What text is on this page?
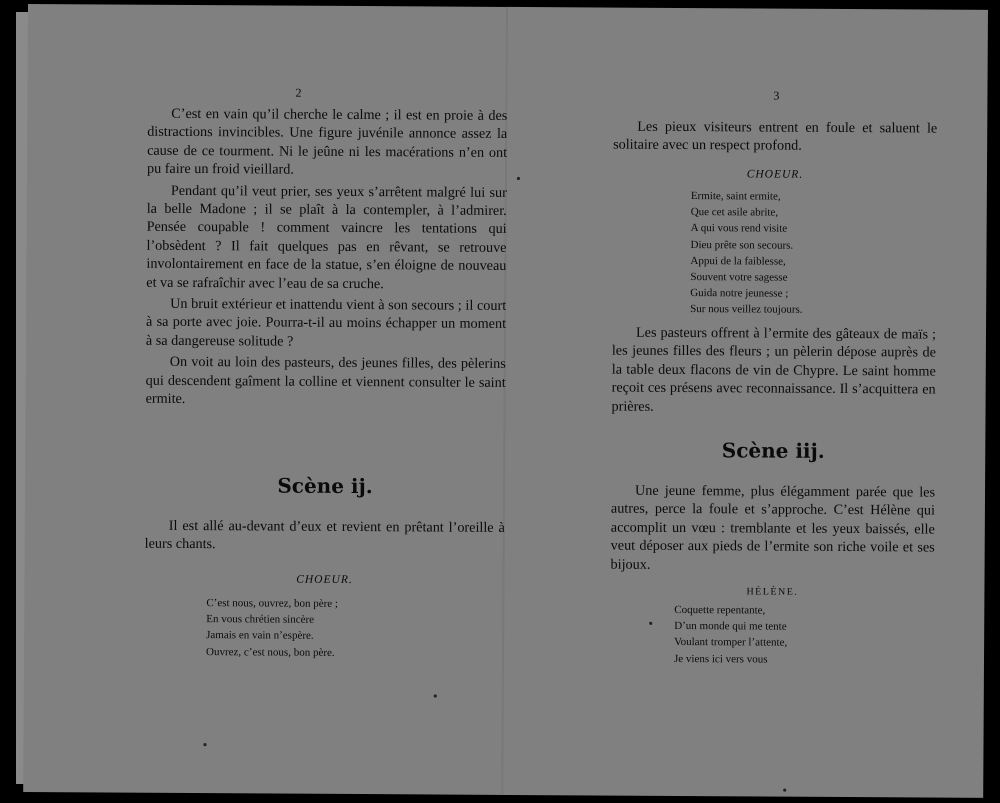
2

C’est en vain qu’il cherche le calme ; il est en proie à des distractions invincibles. Une figure juvénile annonce assez la cause de ce tourment. Ni le jeûne ni les macérations n’en ont pu faire un froid vieillard.

Pendant qu’il veut prier, ses yeux s’arrêtent malgré lui sur la belle Madone ; il se plaît à la contempler, à l’admirer. Pensée coupable ! comment vaincre les tentations qui l’obsèdent ? Il fait quelques pas en rêvant, se retrouve involontairement en face de la statue, s’en éloigne de nouveau et va se rafraîchir avec l’eau de sa cruche.

Un bruit extérieur et inattendu vient à son secours ; il court à sa porte avec joie. Pourra-t-il au moins échapper un moment à sa dangereuse solitude ?

On voit au loin des pasteurs, des jeunes filles, des pèlerins qui descendent gaîment la colline et viennent consulter le saint ermite.

Scène ij.

Il est allé au-devant d’eux et revient en prêtant l’oreille à leurs chants.

CHOEUR.
C’est nous, ouvrez, bon père ;
En vous chrétien sincère
Jamais en vain n’espère.
Ouvrez, c’est nous, bon père.
3

Les pieux visiteurs entrent en foule et saluent le solitaire avec un respect profond.

CHOEUR.
Ermite, saint ermite,
Que cet asile abrite,
A qui vous rend visite
Dieu prête son secours.
Appui de la faiblesse,
Souvent votre sagesse
Guida notre jeunesse ;
Sur nous veillez toujours.

Les pasteurs offrent à l’ermite des gâteaux de maïs ; les jeunes filles des fleurs ; un pèlerin dépose auprès de la table deux flacons de vin de Chypre. Le saint homme reçoit ces présens avec reconnaissance. Il s’acquittera en prières.

Scène iij.

Une jeune femme, plus élégamment parée que les autres, perce la foule et s’approche. C’est Hélène qui accomplit un vœu : tremblante et les yeux baissés, elle veut déposer aux pieds de l’ermite son riche voile et ses bijoux.

HÉLÈNE.
Coquette repentante,
D’un monde qui me tente
Voulant tromper l’attente,
Je viens ici vers vous
